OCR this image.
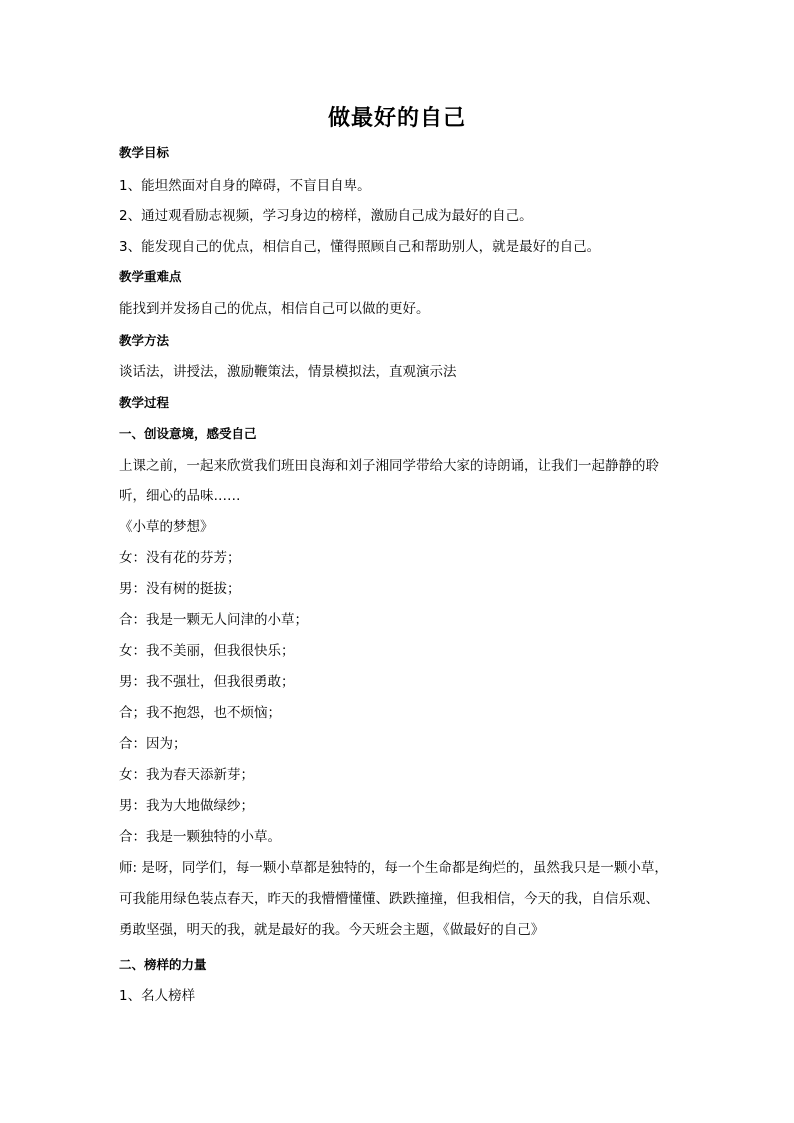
做最好的自己
教学目标
1、能坦然面对自身的障碍，不盲目自卑。
2、通过观看励志视频，学习身边的榜样，激励自己成为最好的自己。
3、能发现自己的优点，相信自己，懂得照顾自己和帮助别人，就是最好的自己。
教学重难点
能找到并发扬自己的优点，相信自己可以做的更好。
教学方法
谈话法，讲授法，激励鞭策法，情景模拟法，直观演示法
教学过程
一、创设意境，感受自己
上课之前，一起来欣赏我们班田良海和刘子湘同学带给大家的诗朗诵，让我们一起静静的聆
听，细心的品味……
《小草的梦想》
女：没有花的芬芳；
男：没有树的挺拔；
合：我是一颗无人问津的小草；
女：我不美丽，但我很快乐；
男：我不强壮，但我很勇敢；
合；我不抱怨，也不烦恼；
合：因为；
女：我为春天添新芽；
男：我为大地做绿纱；
合：我是一颗独特的小草。
师: 是呀，同学们，每一颗小草都是独特的，每一个生命都是绚烂的，虽然我只是一颗小草，
可我能用绿色装点春天，昨天的我懵懵懂懂、跌跌撞撞，但我相信，今天的我，自信乐观、
勇敢坚强，明天的我，就是最好的我。今天班会主题，《做最好的自己》
二、榜样的力量
1、名人榜样
